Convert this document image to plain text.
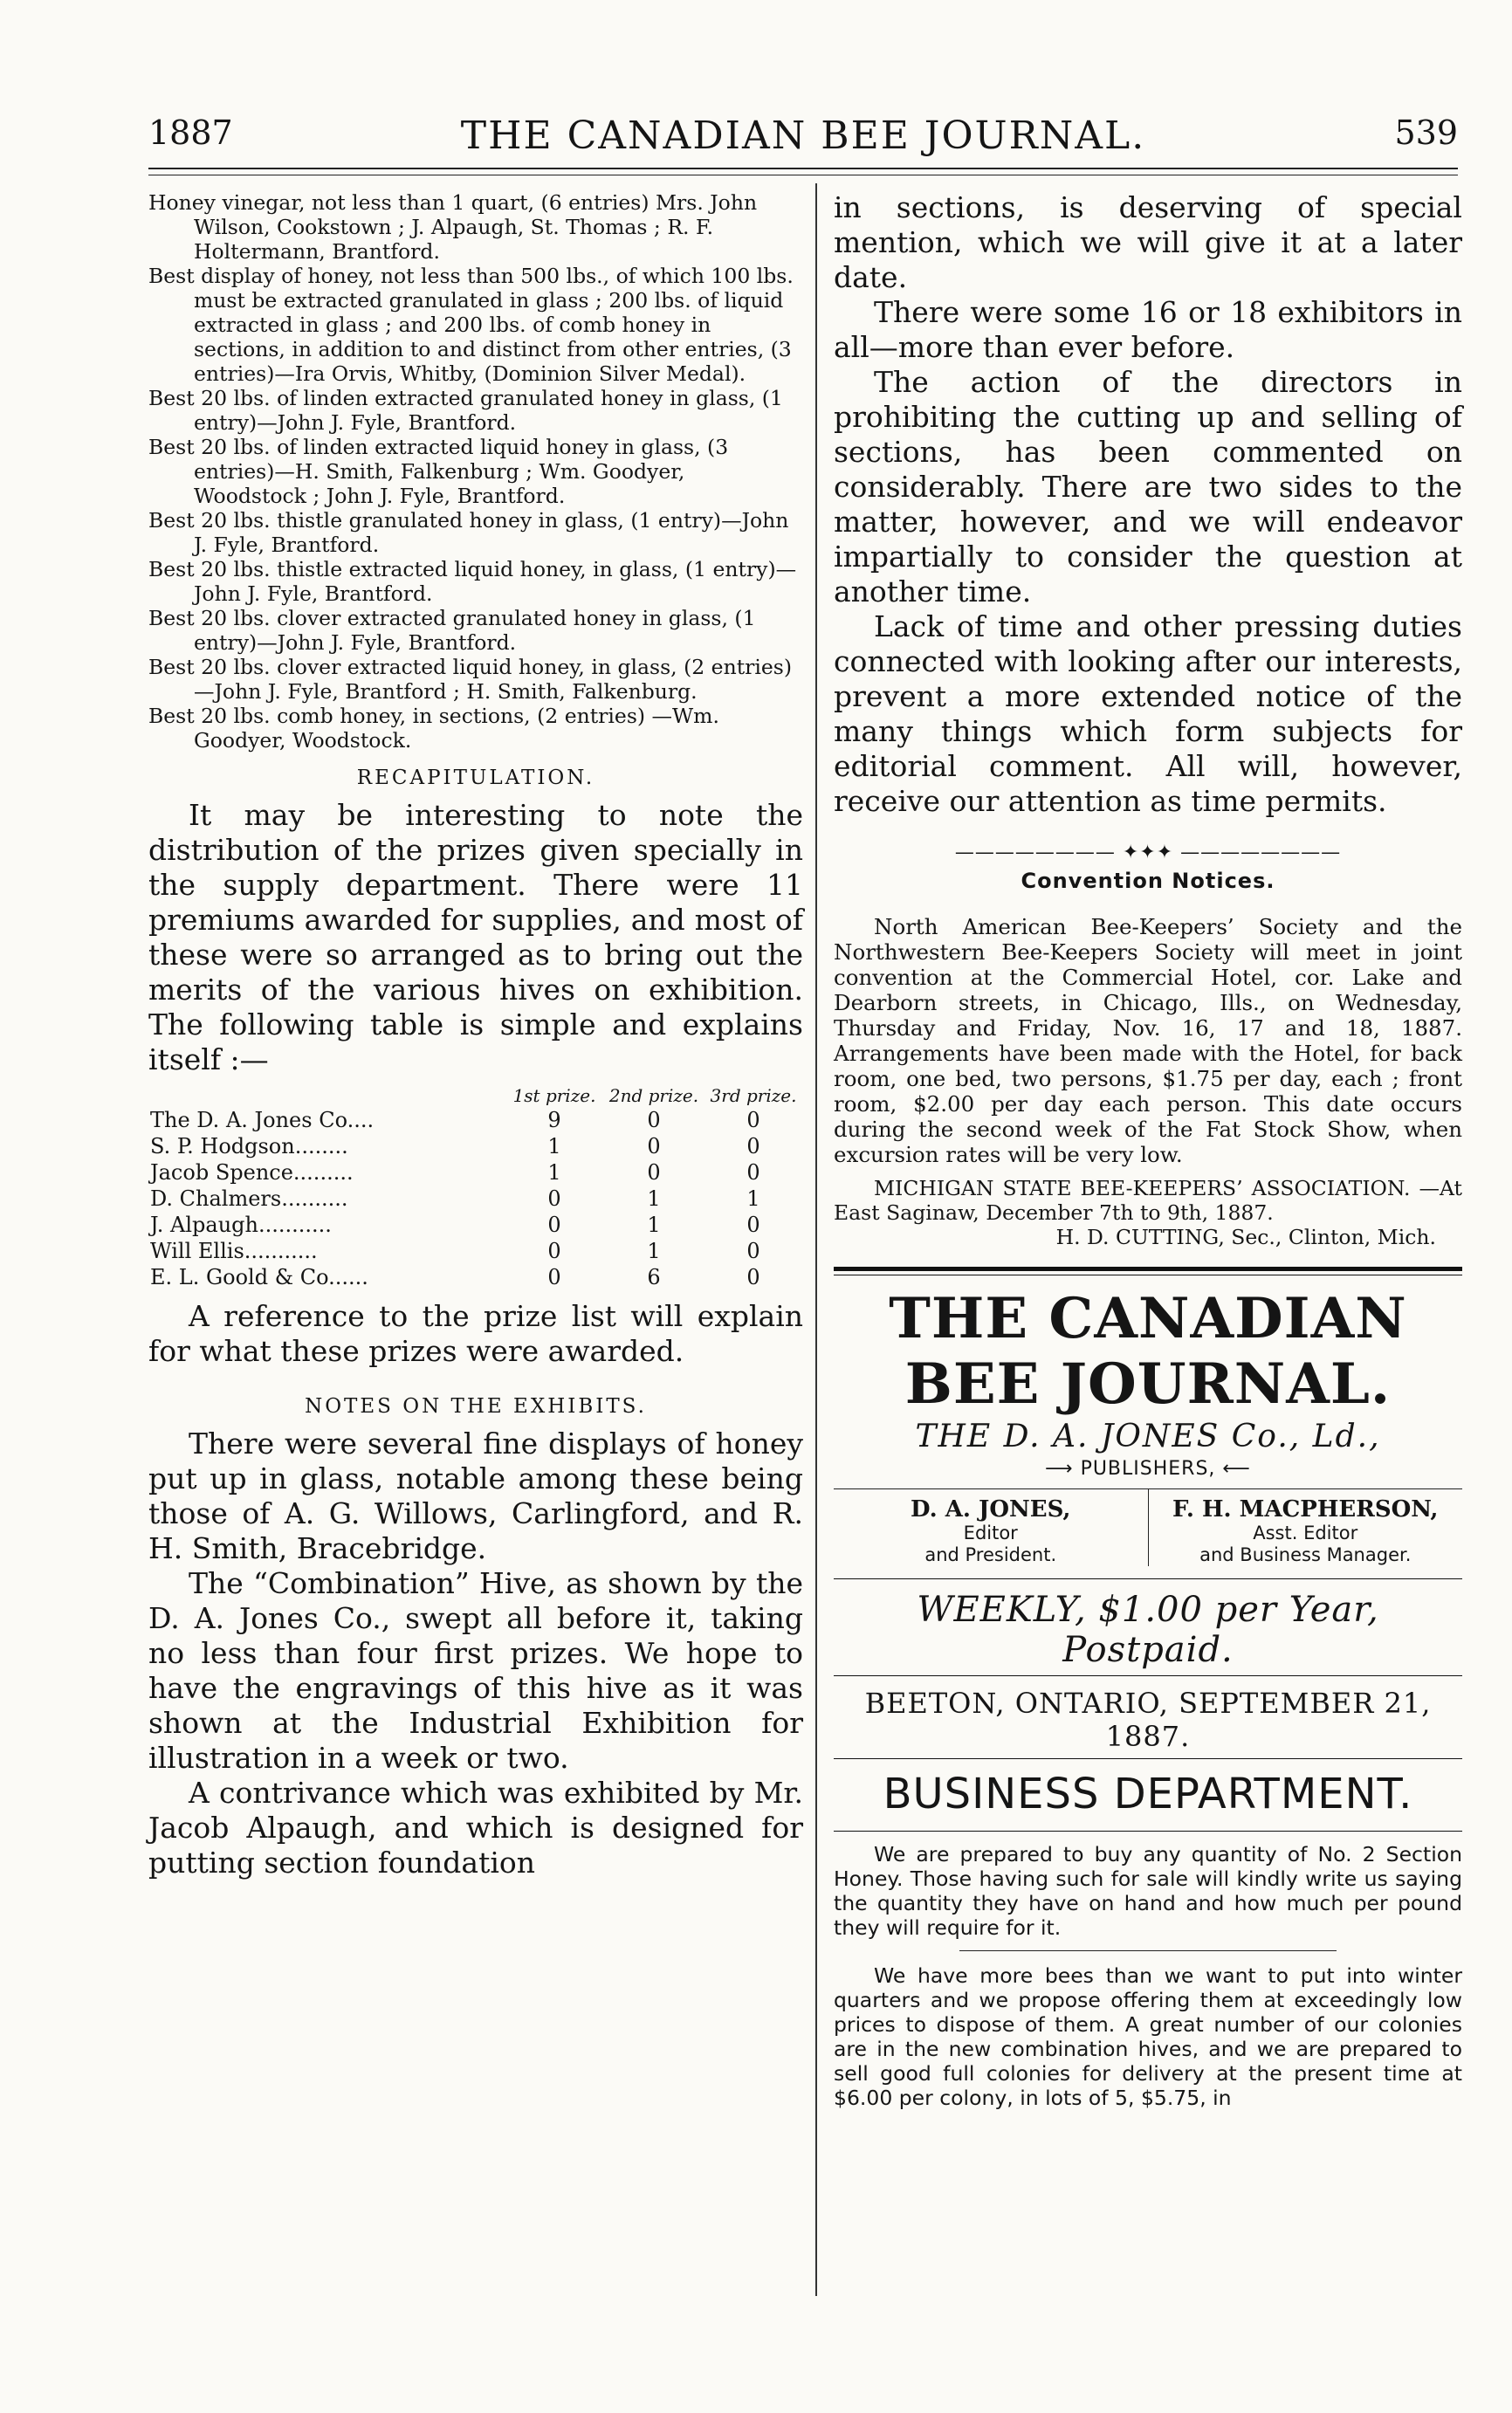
1887	THE CANADIAN BEE JOURNAL.	539

Honey vinegar, not less than 1 quart, (6 entries) Mrs. John Wilson, Cookstown ; J. Alpaugh, St. Thomas ; R. F. Holtermann, Brantford.

Best display of honey, not less than 500 lbs., of which 100 lbs. must be extracted granulated in glass ; 200 lbs. of liquid extracted in glass ; and 200 lbs. of comb honey in sections, in addition to and distinct from other entries, (3 entries)—Ira Orvis, Whitby, (Dominion Silver Medal).

Best 20 lbs. of linden extracted granulated honey in glass, (1 entry)—John J. Fyle, Brantford.

Best 20 lbs. of linden extracted liquid honey in glass, (3 entries)—H. Smith, Falkenburg ; Wm. Goodyer, Woodstock ; John J. Fyle, Brantford.

Best 20 lbs. thistle granulated honey in glass, (1 entry)—John J. Fyle, Brantford.

Best 20 lbs. thistle extracted liquid honey, in glass, (1 entry)—John J. Fyle, Brantford.

Best 20 lbs. clover extracted granulated honey in glass, (1 entry)—John J. Fyle, Brantford.

Best 20 lbs. clover extracted liquid honey, in glass, (2 entries)—John J. Fyle, Brantford ; H. Smith, Falkenburg.

Best 20 lbs. comb honey, in sections, (2 entries) —Wm. Goodyer, Woodstock.

RECAPITULATION.

It may be interesting to note the distribution of the prizes given specially in the supply department. There were 11 premiums awarded for supplies, and most of these were so arranged as to bring out the merits of the various hives on exhibition. The following table is simple and explains itself :—

	1st prize.	2nd prize.	3rd prize.
The D. A. Jones Co....	9	0	0
S. P. Hodgson........	1	0	0
Jacob Spence.........	1	0	0
D. Chalmers..........	0	1	1
J. Alpaugh...........	0	1	0
Will Ellis...........	0	1	0
E. L. Goold & Co......	0	6	0

A reference to the prize list will explain for what these prizes were awarded.

NOTES ON THE EXHIBITS.

There were several fine displays of honey put up in glass, notable among these being those of A. G. Willows, Carlingford, and R. H. Smith, Bracebridge.

The “Combination” Hive, as shown by the D. A. Jones Co., swept all before it, taking no less than four first prizes. We hope to have the engravings of this hive as it was shown at the Industrial Exhibition for illustration in a week or two.

A contrivance which was exhibited by Mr. Jacob Alpaugh, and which is designed for putting section foundation

in sections, is deserving of special mention, which we will give it at a later date.

There were some 16 or 18 exhibitors in all—more than ever before.

The action of the directors in prohibiting the cutting up and selling of sections, has been commented on considerably. There are two sides to the matter, however, and we will endeavor impartially to consider the question at another time.

Lack of time and other pressing duties connected with looking after our interests, prevent a more extended notice of the many things which form subjects for editorial comment. All will, however, receive our attention as time permits.

———————— ✦✦✦ ————————
Convention Notices.

North American Bee-Keepers’ Society and the Northwestern Bee-Keepers Society will meet in joint convention at the Commercial Hotel, cor. Lake and Dearborn streets, in Chicago, Ills., on Wednesday, Thursday and Friday, Nov. 16, 17 and 18, 1887. Arrangements have been made with the Hotel, for back room, one bed, two persons, $1.75 per day, each ; front room, $2.00 per day each person. This date occurs during the second week of the Fat Stock Show, when excursion rates will be very low.

MICHIGAN STATE BEE-KEEPERS’ ASSOCIATION. —At East Saginaw, December 7th to 9th, 1887.

H. D. CUTTING, Sec., Clinton, Mich.

THE CANADIAN BEE JOURNAL.
THE D. A. JONES Co., Ld.,
⟶ PUBLISHERS, ⟵
D. A. JONES,
Editor
and President.
F. H. MACPHERSON,
Asst. Editor
and Business Manager.
WEEKLY, $1.00 per Year, Postpaid.
BEETON, ONTARIO, SEPTEMBER 21, 1887.
BUSINESS DEPARTMENT.

We are prepared to buy any quantity of No. 2 Section Honey. Those having such for sale will kindly write us saying the quantity they have on hand and how much per pound they will require for it.

We have more bees than we want to put into winter quarters and we propose offering them at exceedingly low prices to dispose of them. A great number of our colonies are in the new combination hives, and we are prepared to sell good full colonies for delivery at the present time at $6.00 per colony, in lots of 5, $5.75, in
